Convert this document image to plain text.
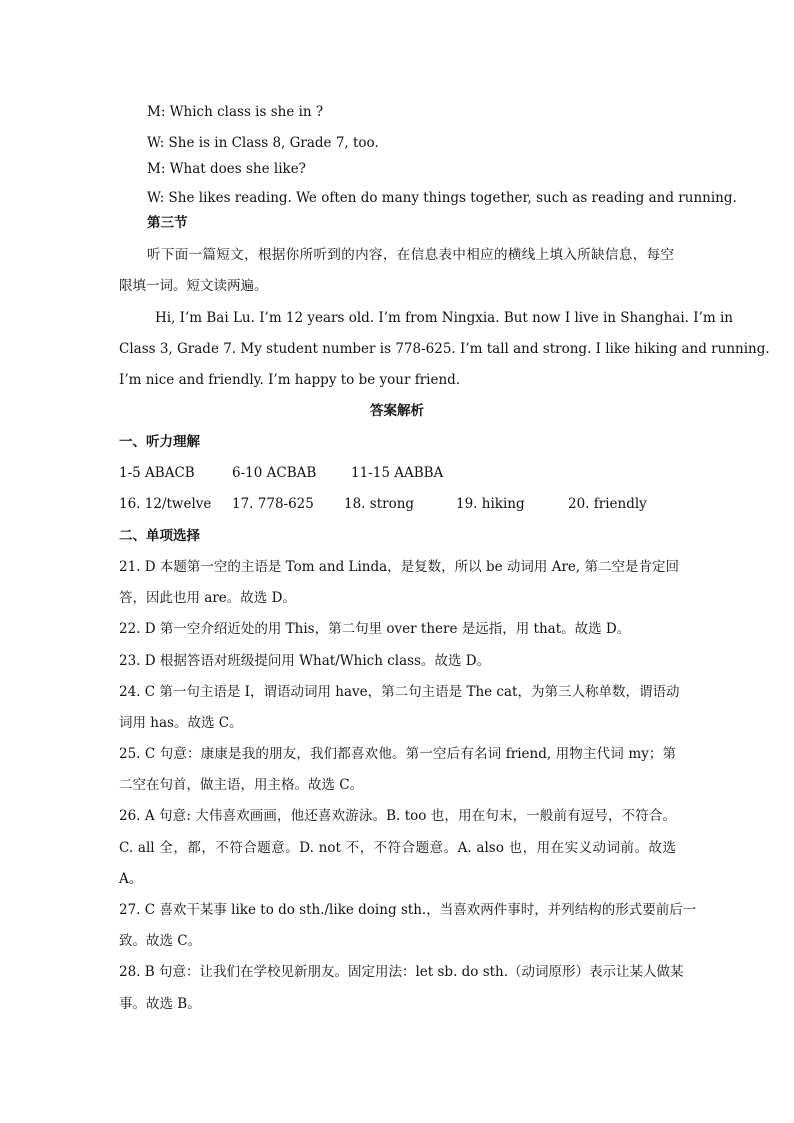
M: Which class is she in ?
W: She is in Class 8, Grade 7, too.
M: What does she like?
W: She likes reading. We often do many things together, such as reading and running.
第三节
听下面一篇短文，根据你所听到的内容，在信息表中相应的横线上填入所缺信息，每空
限填一词。短文读两遍。
Hi, I’m Bai Lu. I’m 12 years old. I’m from Ningxia. But now I live in Shanghai. I’m in
Class 3, Grade 7. My student number is 778-625. I’m tall and strong. I like hiking and running.
I’m nice and friendly. I’m happy to be your friend.
答案解析
一、听力理解
1-5 ABACB	6-10 ACBAB	11-15 AABBA
16. 12/twelve 17. 778-625 18. strong	19. hiking	20. friendly
二、单项选择
21. D 本题第一空的主语是 Tom and Linda，是复数，所以 be 动词用 Are, 第二空是肯定回
答，因此也用 are。故选 D。
22. D 第一空介绍近处的用 This，第二句里 over there 是远指，用 that。故选 D。
23. D 根据答语对班级提问用 What/Which class。故选 D。
24. C 第一句主语是 I，谓语动词用 have，第二句主语是 The cat，为第三人称单数，谓语动
词用 has。故选 C。
25. C 句意：康康是我的朋友，我们都喜欢他。第一空后有名词 friend, 用物主代词 my；第
二空在句首，做主语，用主格。故选 C。
26. A 句意: 大伟喜欢画画，他还喜欢游泳。B. too 也，用在句末，一般前有逗号，不符合。
C. all 全，都，不符合题意。D. not 不，不符合题意。A. also 也，用在实义动词前。故选
A。
27. C 喜欢干某事 like to do sth./like doing sth.，当喜欢两件事时，并列结构的形式要前后一
致。故选 C。
28. B 句意：让我们在学校见新朋友。固定用法：let sb. do sth.（动词原形）表示让某人做某
事。故选 B。
